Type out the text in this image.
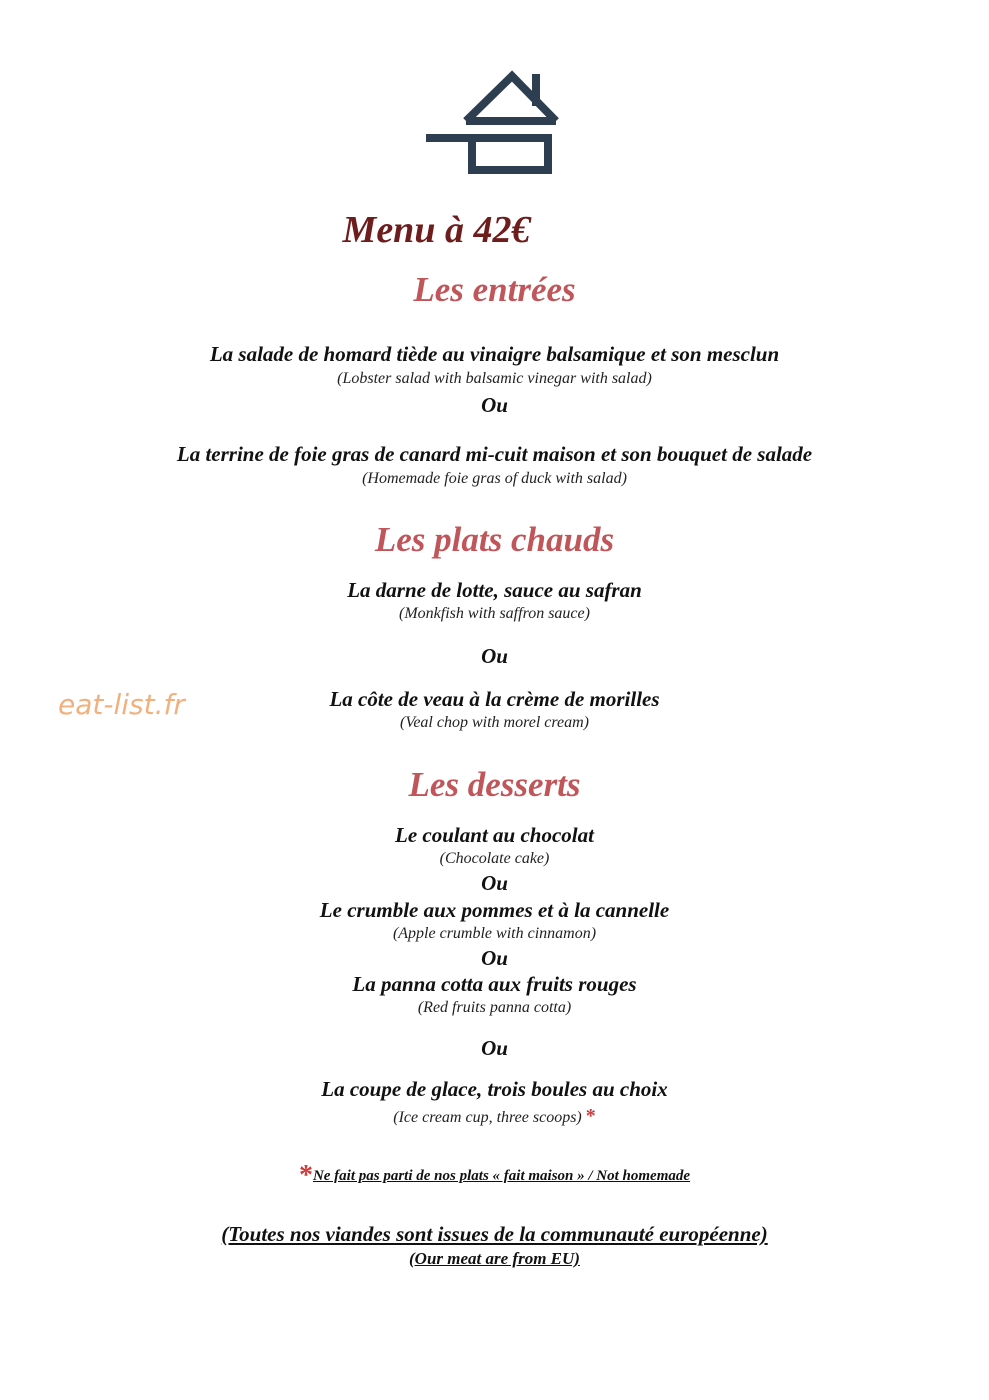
Menu à 42€
Les entrées
La salade de homard tiède au vinaigre balsamique et son mesclun
(Lobster salad with balsamic vinegar with salad)
Ou
La terrine de foie gras de canard mi-cuit maison et son bouquet de salade
(Homemade foie gras of duck with salad)
Les plats chauds
La darne de lotte, sauce au safran
(Monkfish with saffron sauce)
Ou
La côte de veau à la crème de morilles
(Veal chop with morel cream)
Les desserts
Le coulant au chocolat
(Chocolate cake)
Ou
Le crumble aux pommes et à la cannelle
(Apple crumble with cinnamon)
Ou
La panna cotta aux fruits rouges
(Red fruits panna cotta)
Ou
La coupe de glace, trois boules au choix
(Ice cream cup, three scoops) *
*Ne fait pas parti de nos plats « fait maison » / Not homemade
(Toutes nos viandes sont issues de la communauté européenne)
(Our meat are from EU)
eat-list.fr
